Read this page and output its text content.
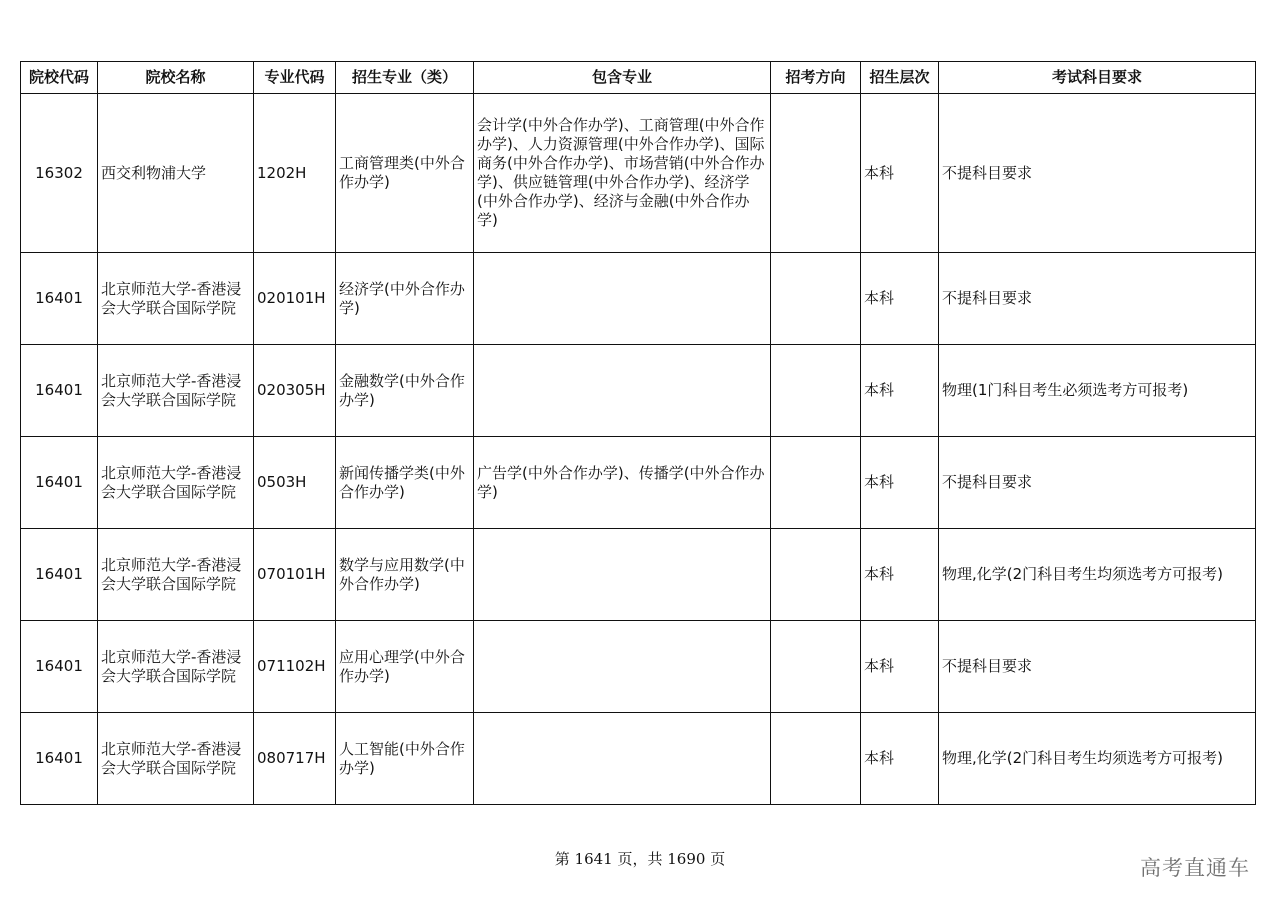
院校代码	院校名称	专业代码	招生专业（类）	包含专业	招考方向	招生层次	考试科目要求
16302	西交利物浦大学	1202H	工商管理类(中外合作办学)	会计学(中外合作办学)、工商管理(中外合作办学)、人力资源管理(中外合作办学)、国际商务(中外合作办学)、市场营销(中外合作办学)、供应链管理(中外合作办学)、经济学(中外合作办学)、经济与金融(中外合作办学)		本科	不提科目要求
16401	北京师范大学-香港浸会大学联合国际学院	020101H	经济学(中外合作办学)			本科	不提科目要求
16401	北京师范大学-香港浸会大学联合国际学院	020305H	金融数学(中外合作办学)			本科	物理(1门科目考生必须选考方可报考)
16401	北京师范大学-香港浸会大学联合国际学院	0503H	新闻传播学类(中外合作办学)	广告学(中外合作办学)、传播学(中外合作办学)		本科	不提科目要求
16401	北京师范大学-香港浸会大学联合国际学院	070101H	数学与应用数学(中外合作办学)			本科	物理,化学(2门科目考生均须选考方可报考)
16401	北京师范大学-香港浸会大学联合国际学院	071102H	应用心理学(中外合作办学)			本科	不提科目要求
16401	北京师范大学-香港浸会大学联合国际学院	080717H	人工智能(中外合作办学)			本科	物理,化学(2门科目考生均须选考方可报考)
第 1641 页，共 1690 页	高考直通车
